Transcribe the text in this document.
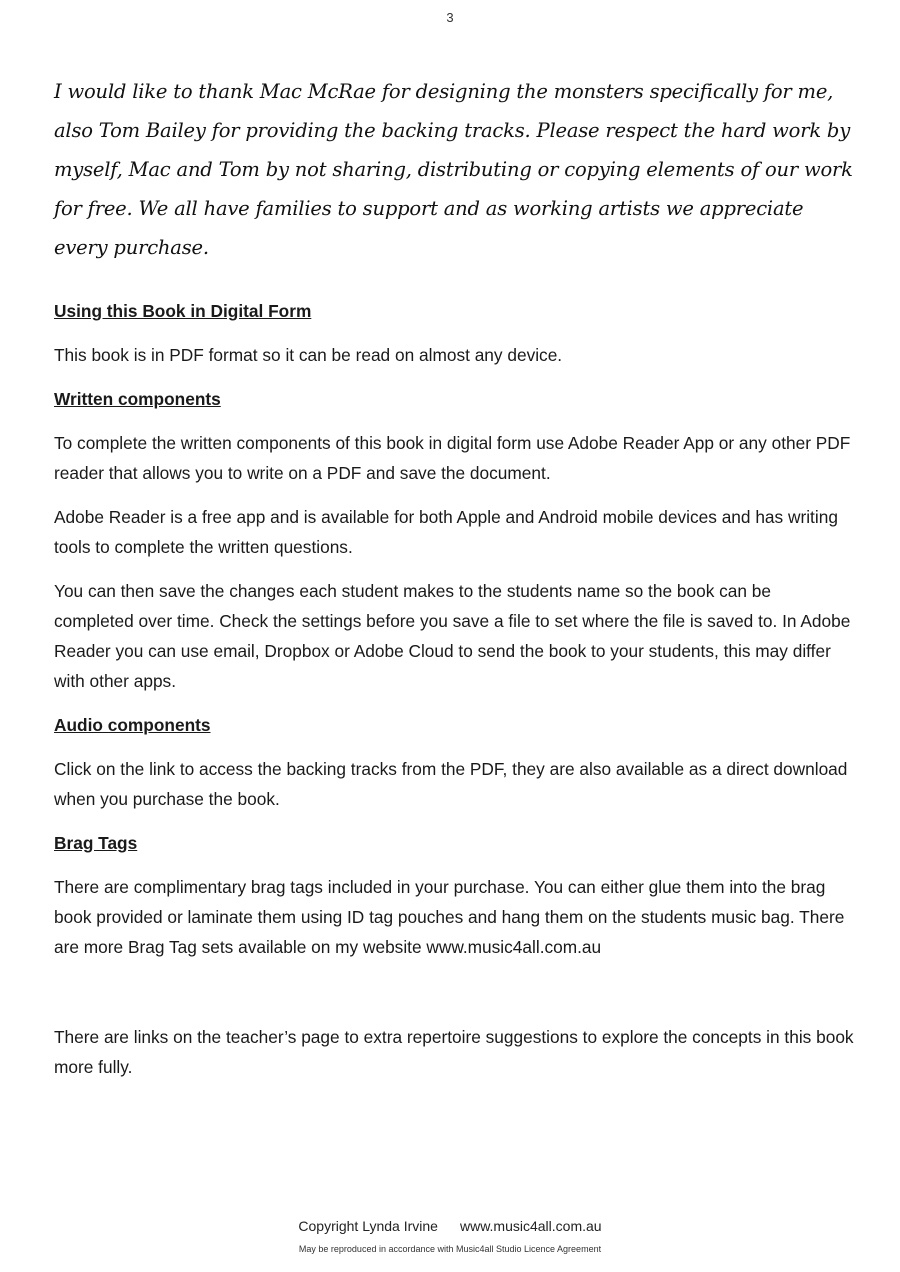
3
I would like to thank Mac McRae for designing the monsters specifically for me, also Tom Bailey for providing the backing tracks. Please respect the hard work by myself, Mac and Tom by not sharing, distributing or copying elements of our work for free. We all have families to support and as working artists we appreciate every purchase.
Using this Book in Digital Form

This book is in PDF format so it can be read on almost any device.

Written components

To complete the written components of this book in digital form use Adobe Reader App or any other PDF reader that allows you to write on a PDF and save the document.

Adobe Reader is a free app and is available for both Apple and Android mobile devices and has writing tools to complete the written questions.

You can then save the changes each student makes to the students name so the book can be completed over time. Check the settings before you save a file to set where the file is saved to. In Adobe Reader you can use email, Dropbox or Adobe Cloud to send the book to your students, this may differ with other apps.

Audio components

Click on the link to access the backing tracks from the PDF, they are also available as a direct download when you purchase the book.

Brag Tags

There are complimentary brag tags included in your purchase. You can either glue them into the brag book provided or laminate them using ID tag pouches and hang them on the students music bag. There are more Brag Tag sets available on my website www.music4all.com.au

There are links on the teacher’s page to extra repertoire suggestions to explore the concepts in this book more fully.

Copyright Lynda Irvine www.music4all.com.au
May be reproduced in accordance with Music4all Studio Licence Agreement
